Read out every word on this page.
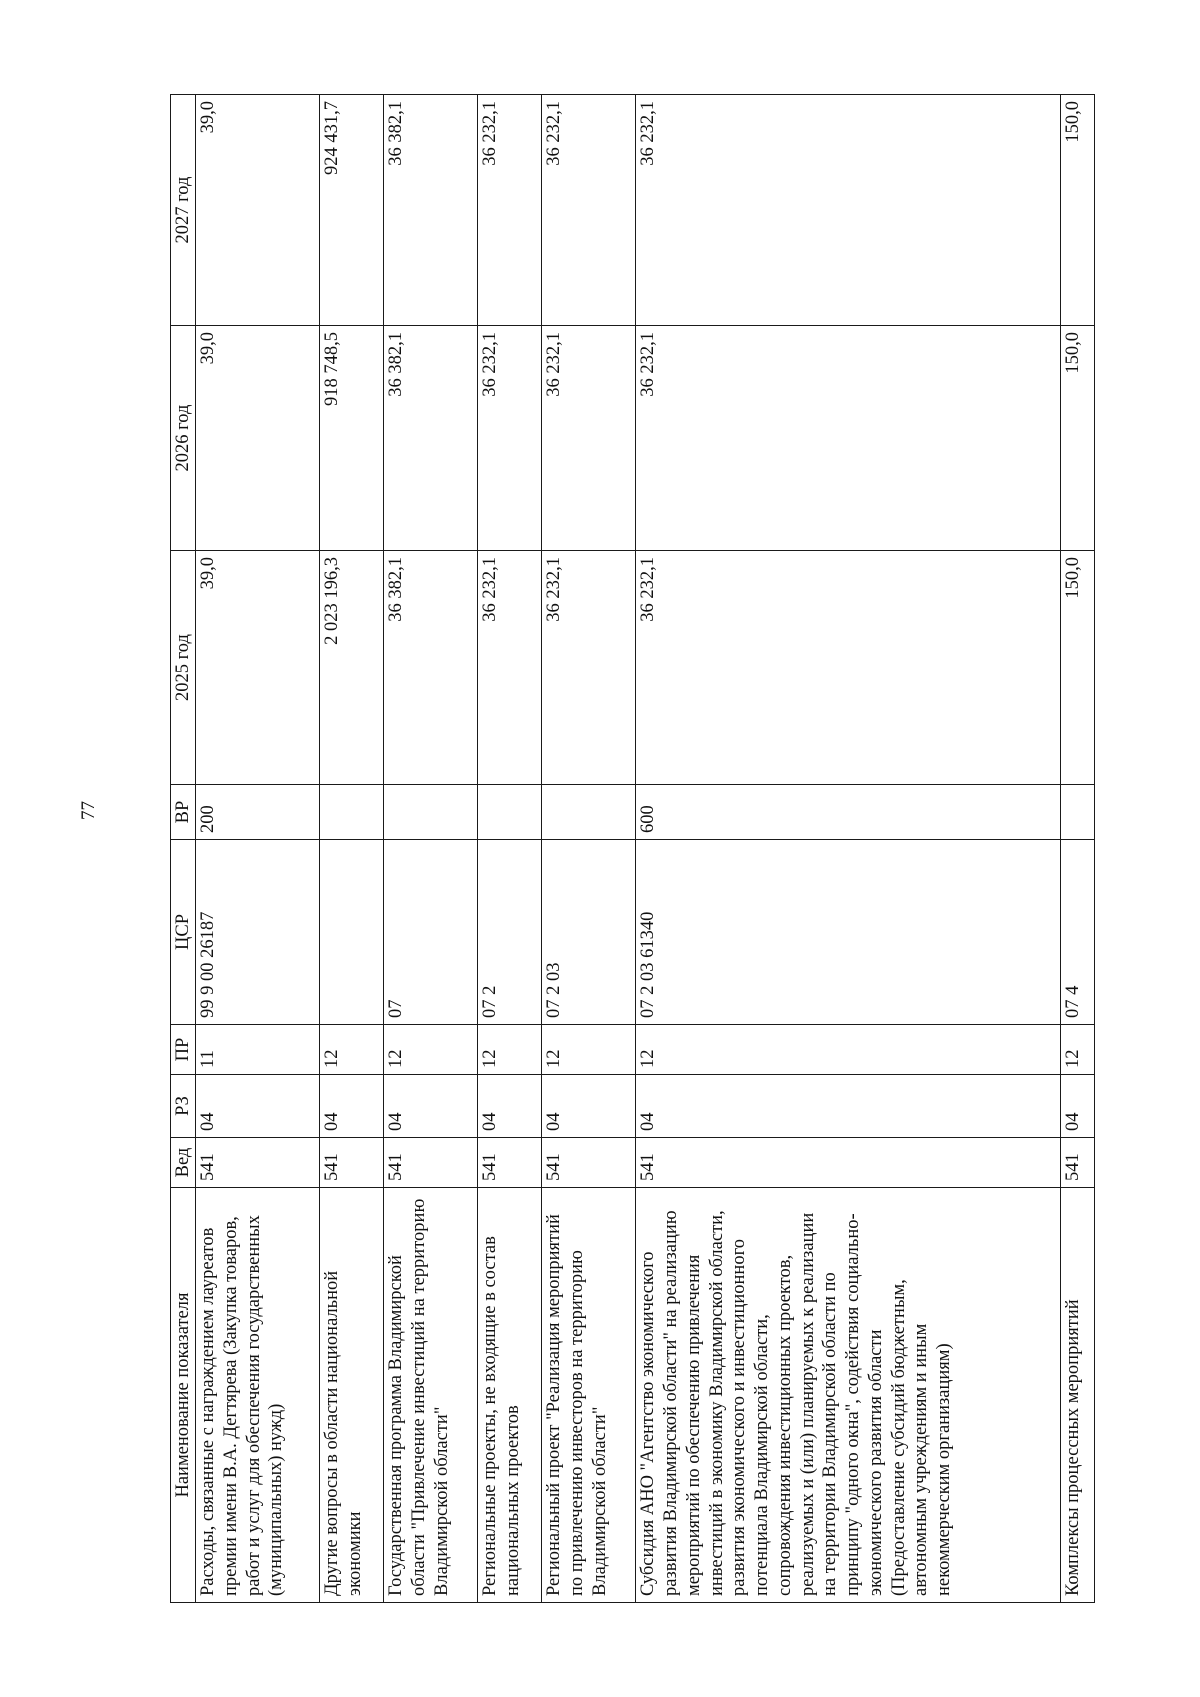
77
Наименование показателя	Вед	РЗ	ПР	ЦСР	ВР	2025 год	2026 год	2027 год
Расходы, связанные с награждением лауреатов премии имени В.А. Дегтярева (Закупка товаров, работ и услуг для обеспечения государственных (муниципальных) нужд)	541	04	11	99 9 00 26187	200	39,0	39,0	39,0
Другие вопросы в области национальной экономики	541	04	12			2 023 196,3	918 748,5	924 431,7
Государственная программа Владимирской области "Привлечение инвестиций на территорию Владимирской области"	541	04	12	07		36 382,1	36 382,1	36 382,1
Региональные проекты, не входящие в состав национальных проектов	541	04	12	07 2		36 232,1	36 232,1	36 232,1
Региональный проект "Реализация мероприятий по привлечению инвесторов на территорию Владимирской области"	541	04	12	07 2 03		36 232,1	36 232,1	36 232,1
Субсидия АНО "Агентство экономического развития Владимирской области" на реализацию мероприятий по обеспечению привлечения инвестиций в экономику Владимирской области, развития экономического и инвестиционного потенциала Владимирской области, сопровождения инвестиционных проектов, реализуемых и (или) планируемых к реализации на территории Владимирской области по принципу "одного окна", содействия социально-экономического развития области (Предоставление субсидий бюджетным, автономным учреждениям и иным некоммерческим организациям)	541	04	12	07 2 03 61340	600	36 232,1	36 232,1	36 232,1
Комплексы процессных мероприятий	541	04	12	07 4		150,0	150,0	150,0
